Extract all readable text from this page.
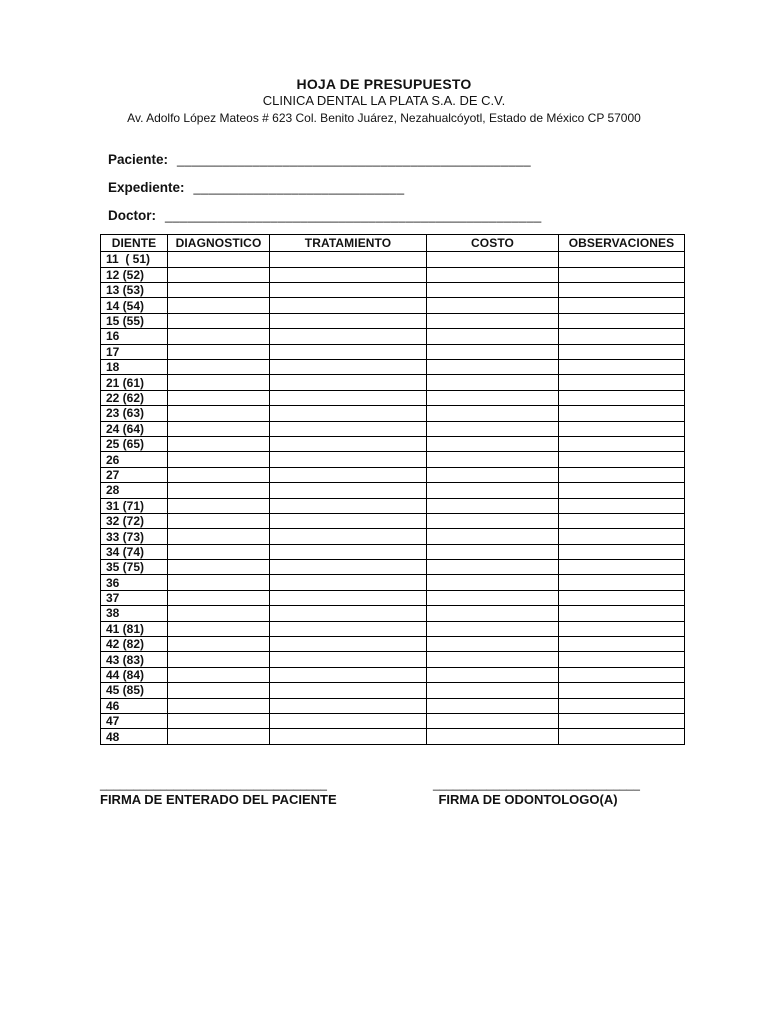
HOJA DE PRESUPUESTO
CLINICA DENTAL LA PLATA S.A. DE C.V.
Av. Adolfo López Mateos # 623 Col. Benito Juárez, Nezahualcóyotl, Estado de México CP 57000
Paciente: _______________________________________________
Expediente: ____________________________
Doctor: __________________________________________________
DIENTE	DIAGNOSTICO	TRATAMIENTO	COSTO	OBSERVACIONES
11  ( 51)				
12 (52)				
13 (53)				
14 (54)				
15 (55)				
16				
17				
18				
21 (61)				
22 (62)				
23 (63)				
24 (64)				
25 (65)				
26				
27				
28				
31 (71)				
32 (72)				
33 (73)				
34 (74)				
35 (75)				
36				
37				
38				
41 (81)				
42 (82)				
43 (83)				
44 (84)				
45 (85)				
46				
47				
48				
__________________________________
FIRMA DE ENTERADO DEL PACIENTE
_______________________________
FIRMA DE ODONTOLOGO(A)
